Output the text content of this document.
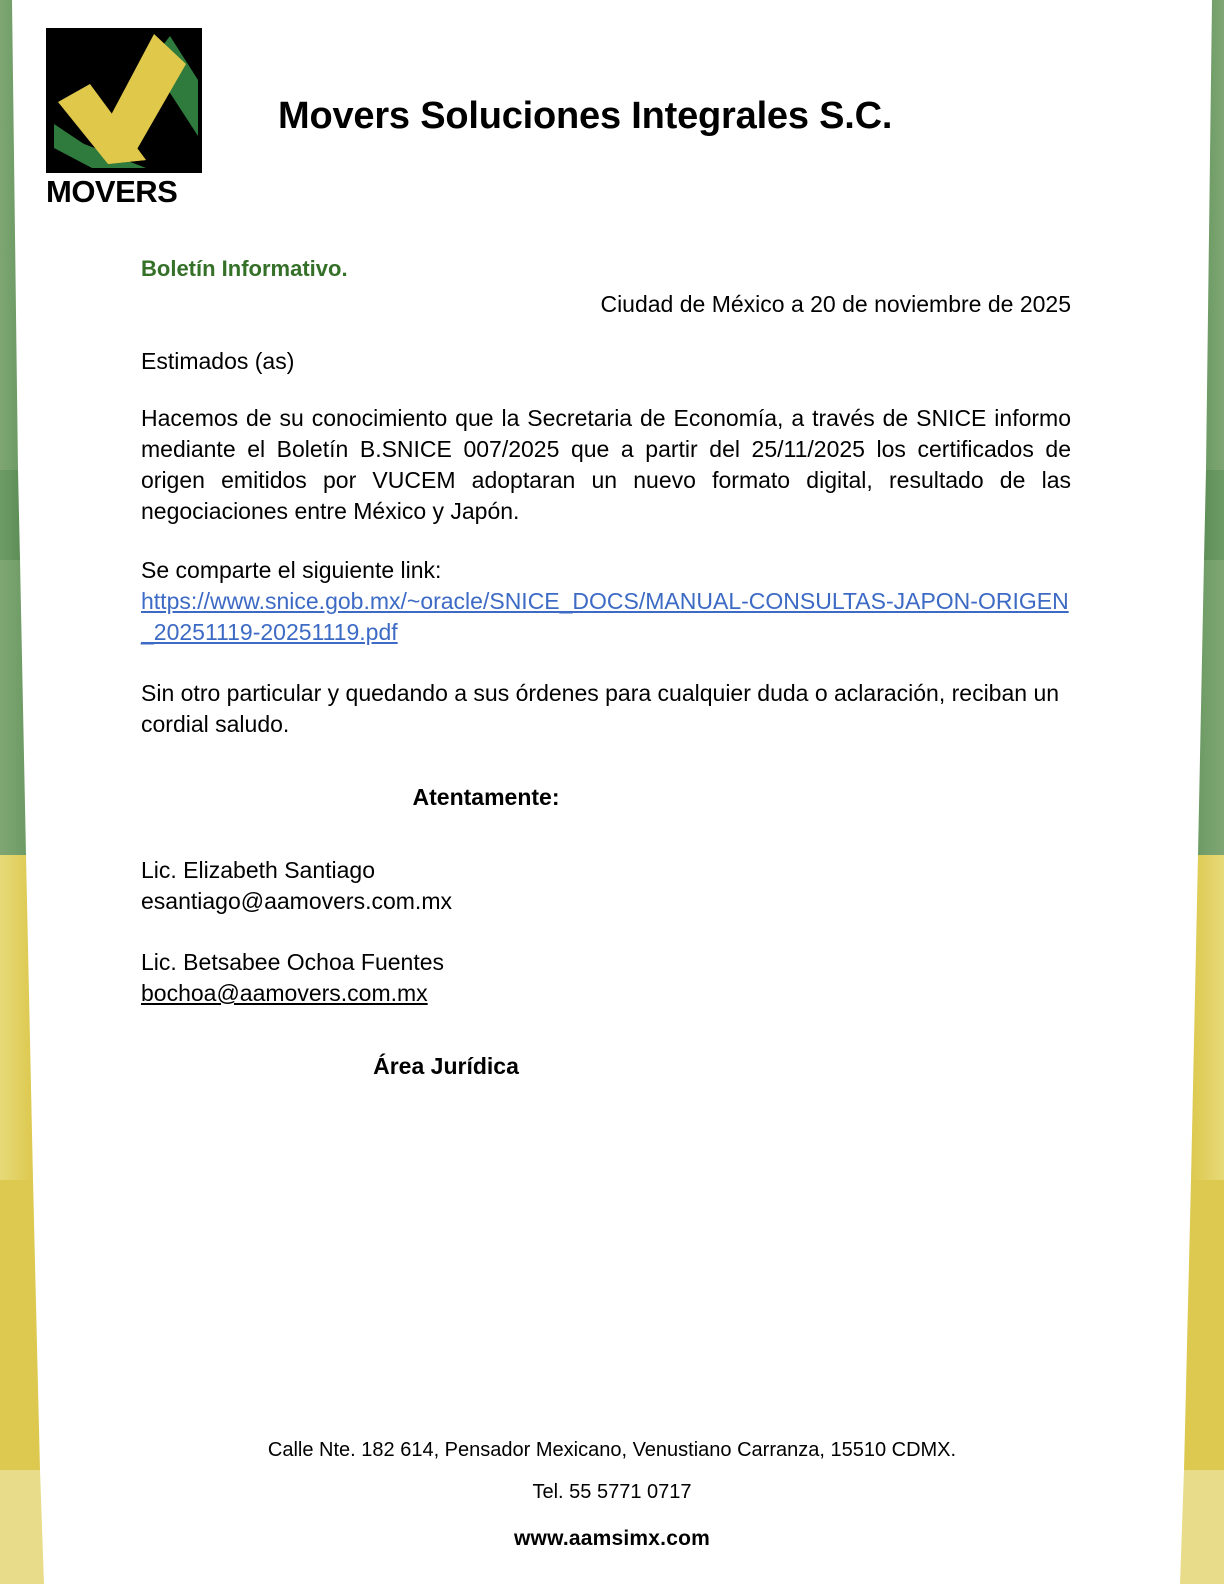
MOVERS
Movers Soluciones Integrales S.C.

Boletín Informativo.

Ciudad de México a 20 de noviembre de 2025

Estimados (as)

Hacemos de su conocimiento que la Secretaria de Economía, a través de SNICE informo mediante el Boletín B.SNICE 007/2025 que a partir del 25/11/2025 los certificados de origen emitidos por VUCEM adoptaran un nuevo formato digital, resultado de las negociaciones entre México y Japón.

Se comparte el siguiente link:

https://www.snice.gob.mx/~oracle/SNICE_DOCS/MANUAL-CONSULTAS-JAPON-ORIGEN_20251119-20251119.pdf

Sin otro particular y quedando a sus órdenes para cualquier duda o aclaración, reciban un cordial saludo.

Atentamente:

Lic. Elizabeth Santiago

esantiago@aamovers.com.mx

Lic. Betsabee Ochoa Fuentes

bochoa@aamovers.com.mx

Área Jurídica

Calle Nte. 182 614, Pensador Mexicano, Venustiano Carranza, 15510 CDMX.

Tel. 55 5771 0717

www.aamsimx.com
